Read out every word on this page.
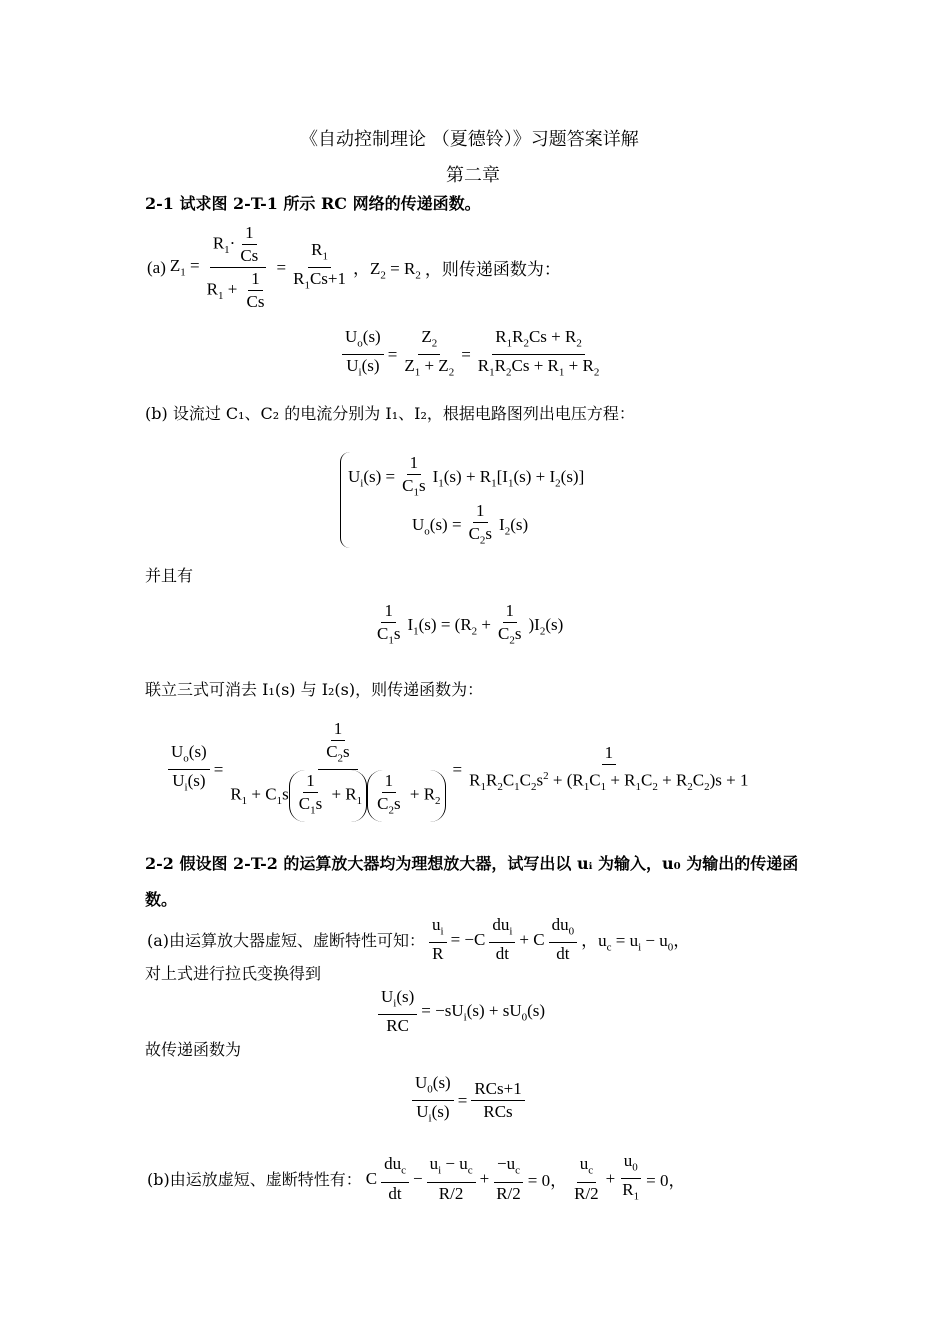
《自动控制理论 （夏德铃）》习题答案详解
第二章
2-1 试求图 2-T-1 所示 RC 网络的传递函数。
(a) $Z_1 = \frac{R_1\cdot \frac{1}{Cs}}{R_1 + \frac{1}{Cs}} = \frac{R_1}{R_1Cs+1}$ ，$Z_2 = R_2$ ，则传递函数为：
$\frac{U_o(s)}{U_i(s)} = \frac{Z_2}{Z_1 + Z_2} = \frac{R_1R_2Cs + R_2}{R_1R_2Cs + R_1 + R_2}$
(b) 设流过 C₁、C₂ 的电流分别为 I₁、I₂，根据电路图列出电压方程：
$U_i(s) = \frac{1}{C_1s} I_1(s) + R_1[I_1(s) + I_2(s)]$
$U_o(s) = \frac{1}{C_2s} I_2(s)$
并且有
$\frac{1}{C_1s} I_1(s) = (R_2 + \frac{1}{C_2s} )I_2(s)$
联立三式可消去 I₁(s) 与 I₂(s)，则传递函数为：
$\frac{U_o(s)}{U_i(s)} = \frac{\frac{1}{C_2s}}{R_1 + C_1s \frac{1}{C_1s} + R_1 \frac{1}{C_2s} + R_2} = \frac{1}{R_1R_2C_1C_2s^2 + (R_1C_1 + R_1C_2 + R_2C_2)s + 1}$
2-2 假设图 2-T-2 的运算放大器均为理想放大器，试写出以 uᵢ 为输入，u₀ 为输出的传递函
数。
(a)由运算放大器虚短、虚断特性可知： $\frac{u_i}{R} = -C \frac{du_i}{dt} + C \frac{du_0}{dt}$ ，$u_c = u_i - u_0$，
对上式进行拉氏变换得到
$\frac{U_i(s)}{RC} = -sU_i(s) + sU_0(s)$
故传递函数为
$\frac{U_0(s)}{U_i(s)} = \frac{\text{RCs+1}}{\text{RCs}}$
(b)由运放虚短、虚断特性有： C $\frac{du_c}{dt} - \frac{u_i - u_c}{R/2} + \frac{-u_c}{R/2} = 0$， $\frac{u_c}{R/2} + \frac{u_0}{R_1} = 0$，
